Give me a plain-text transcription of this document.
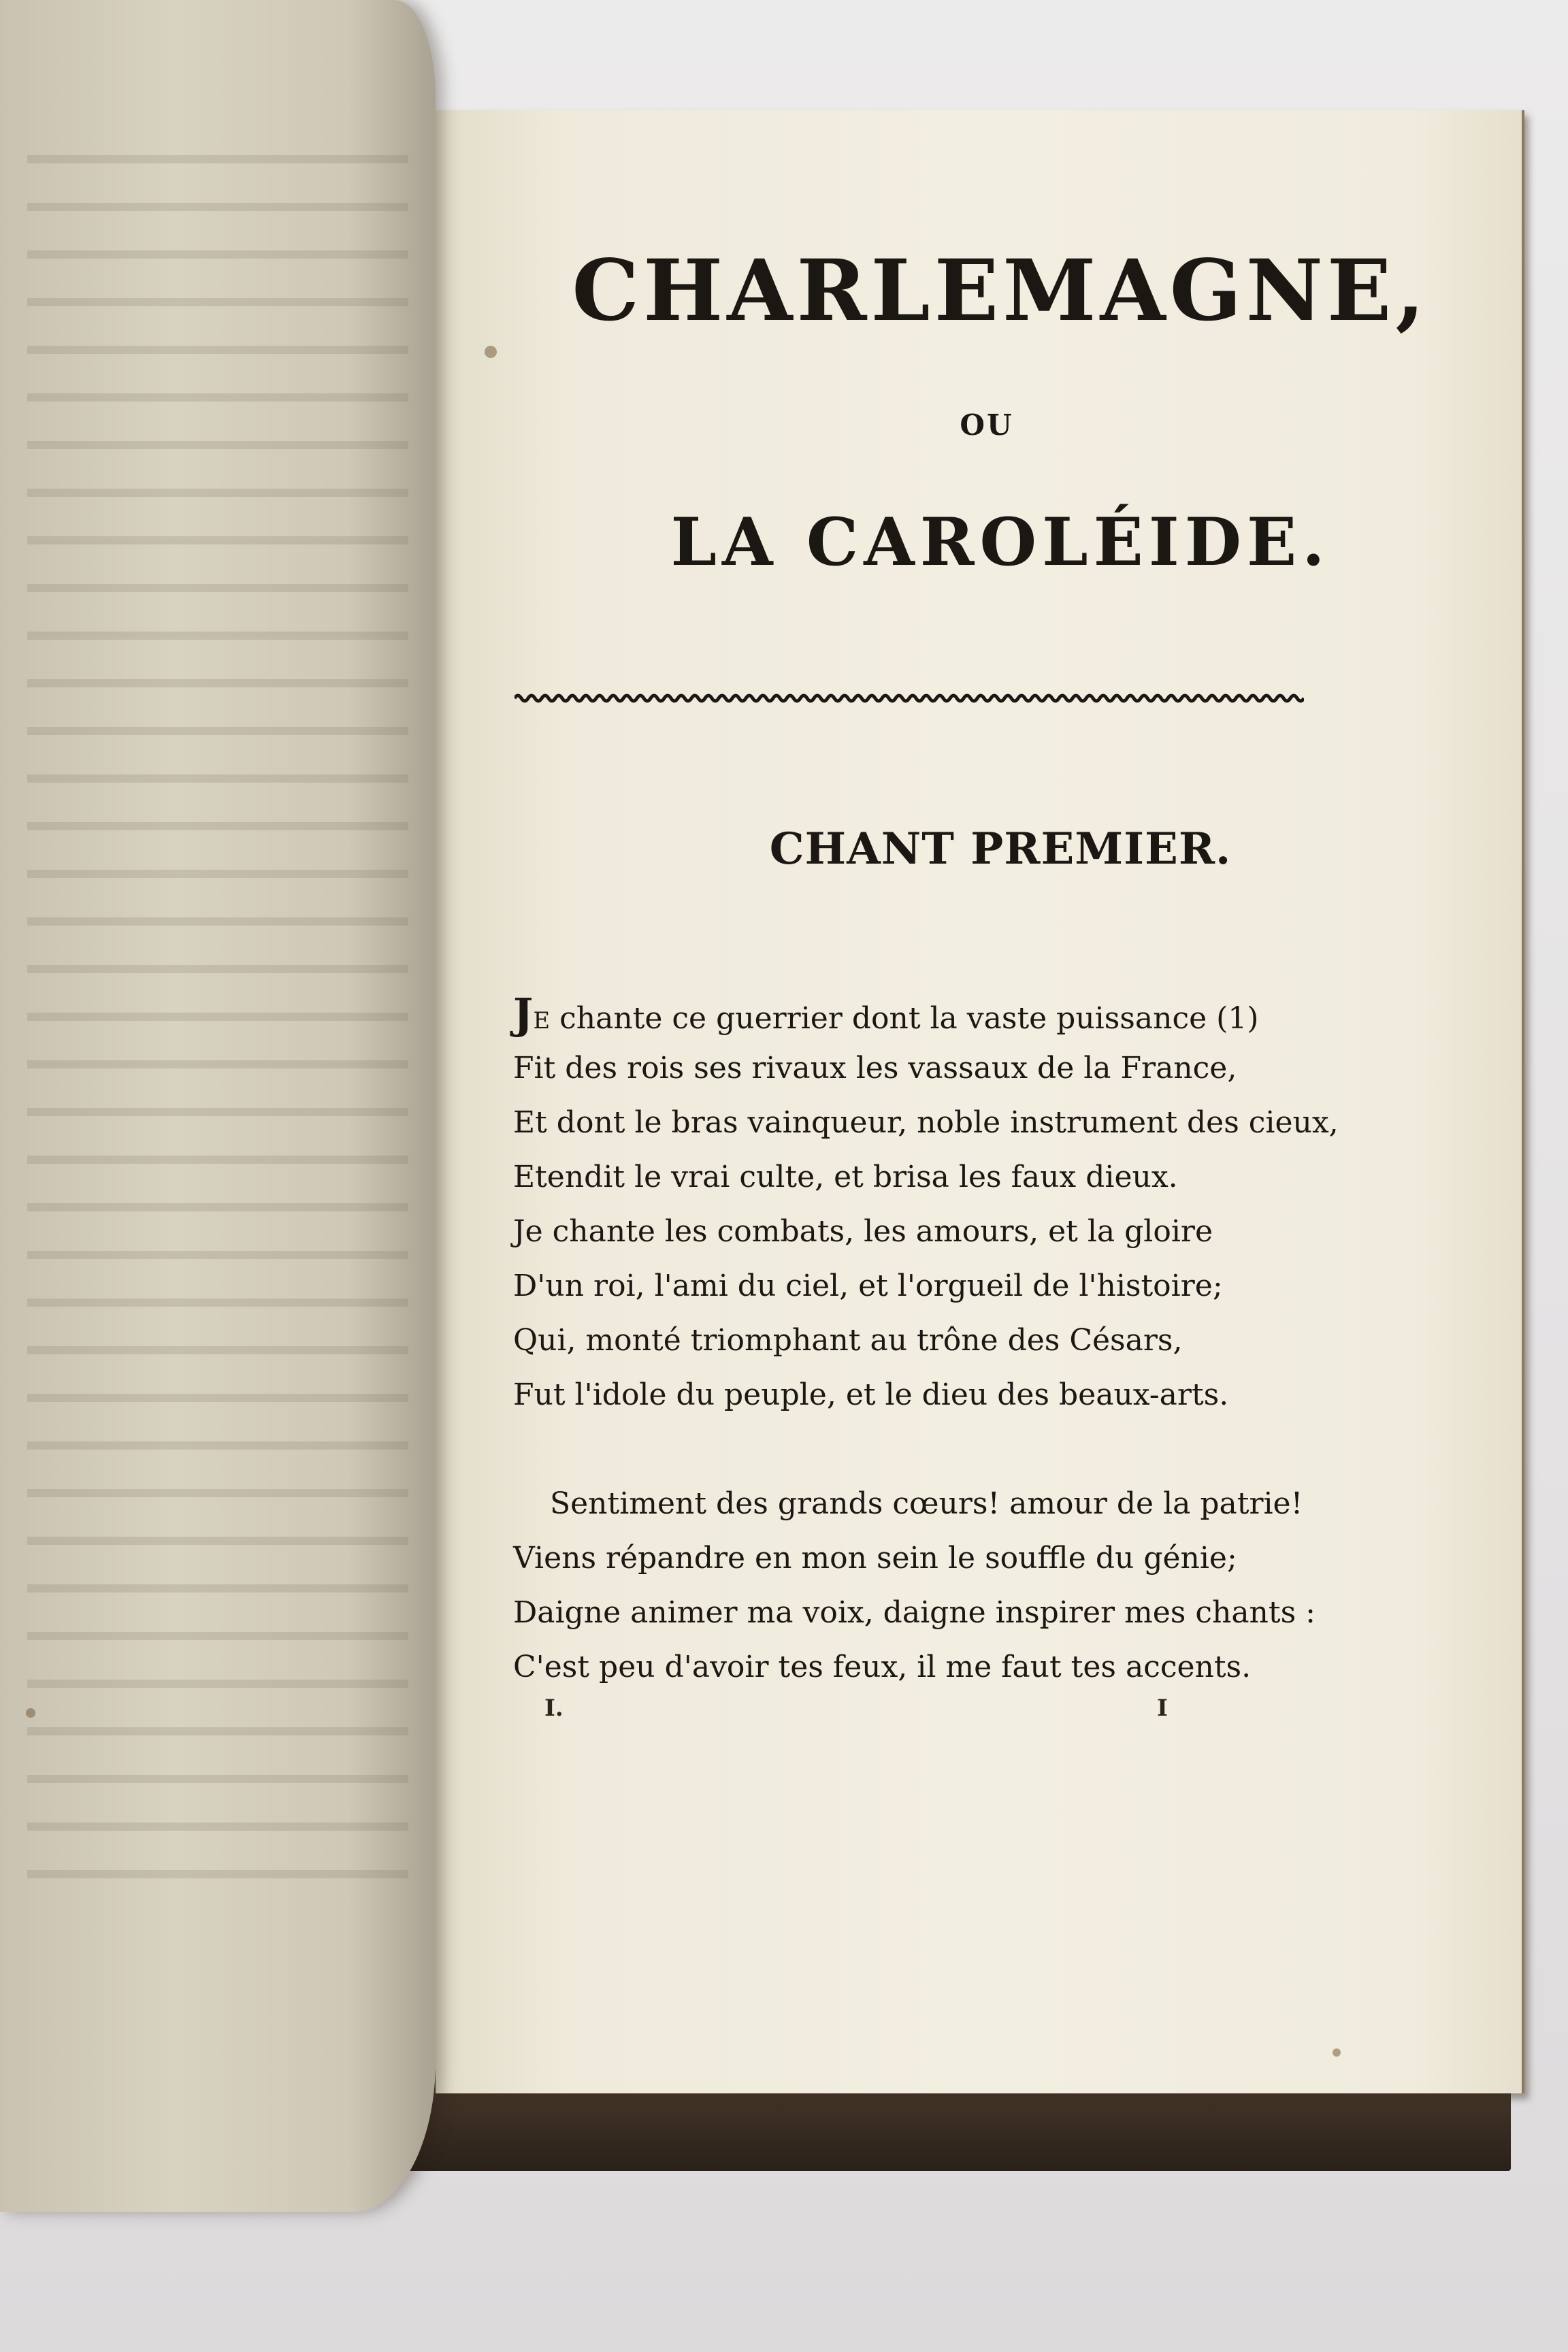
CHARLEMAGNE,
OU
LA CAROLÉIDE.
CHANT PREMIER.
JE chante ce guerrier dont la vaste puissance (1)
Fit des rois ses rivaux les vassaux de la France,
Et dont le bras vainqueur, noble instrument des cieux,
Etendit le vrai culte, et brisa les faux dieux.
Je chante les combats, les amours, et la gloire
D'un roi, l'ami du ciel, et l'orgueil de l'histoire;
Qui, monté triomphant au trône des Césars,
Fut l'idole du peuple, et le dieu des beaux-arts.
Sentiment des grands cœurs! amour de la patrie!
Viens répandre en mon sein le souffle du génie;
Daigne animer ma voix, daigne inspirer mes chants :
C'est peu d'avoir tes feux, il me faut tes accents.
I.	I
